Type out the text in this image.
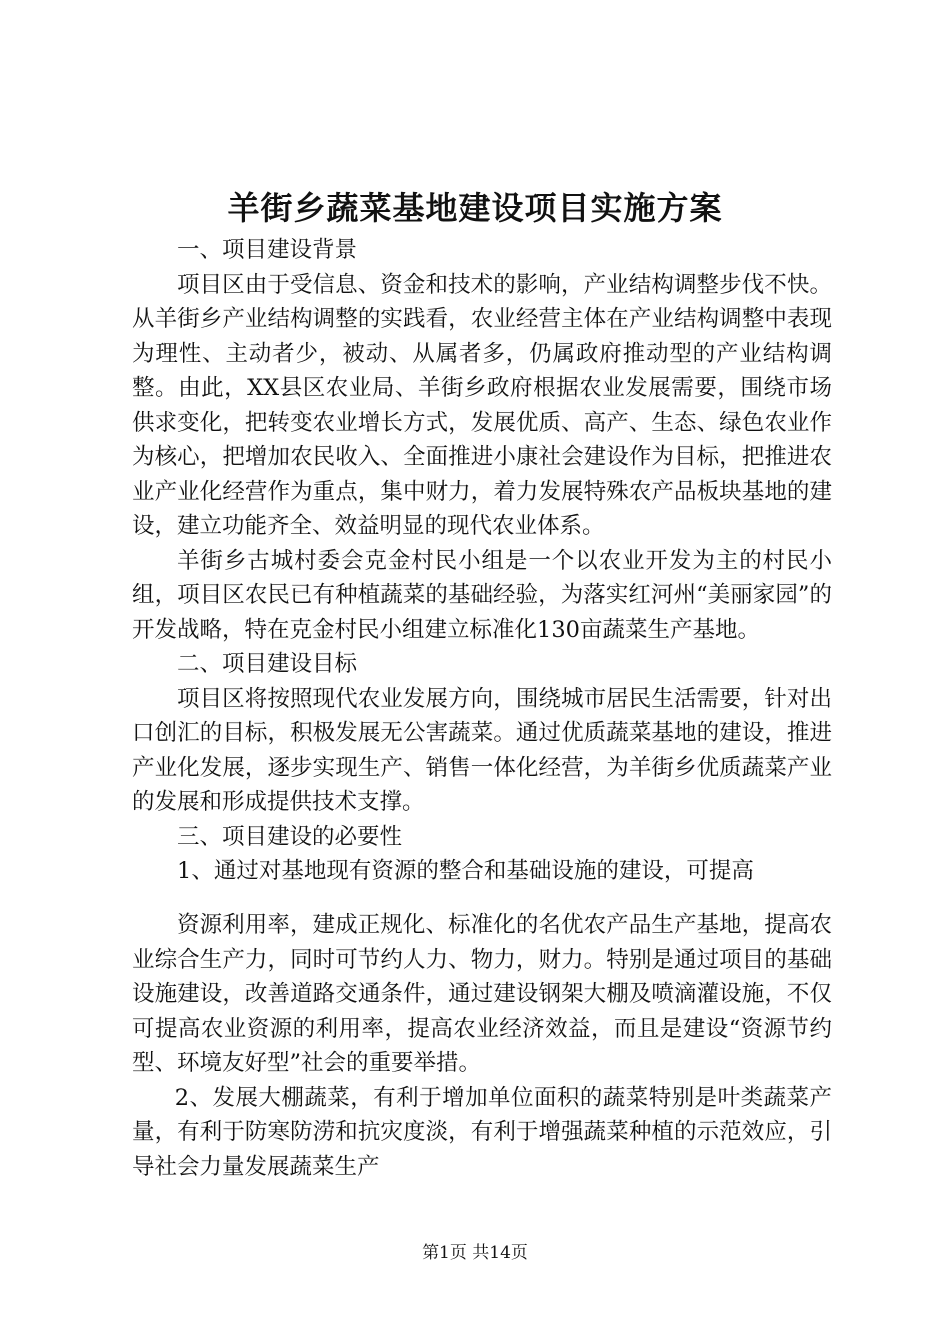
羊街乡蔬菜基地建设项目实施方案

一、项目建设背景

项目区由于受信息、资金和技术的影响，产业结构调整步伐不快。从羊街乡产业结构调整的实践看，农业经营主体在产业结构调整中表现为理性、主动者少，被动、从属者多，仍属政府推动型的产业结构调整。由此，XX县区农业局、羊街乡政府根据农业发展需要，围绕市场供求变化，把转变农业增长方式，发展优质、高产、生态、绿色农业作为核心，把增加农民收入、全面推进小康社会建设作为目标，把推进农业产业化经营作为重点，集中财力，着力发展特殊农产品板块基地的建设，建立功能齐全、效益明显的现代农业体系。

羊街乡古城村委会克金村民小组是一个以农业开发为主的村民小组，项目区农民已有种植蔬菜的基础经验，为落实红河州“美丽家园”的开发战略，特在克金村民小组建立标准化130亩蔬菜生产基地。

二、项目建设目标

项目区将按照现代农业发展方向，围绕城市居民生活需要，针对出口创汇的目标，积极发展无公害蔬菜。通过优质蔬菜基地的建设，推进产业化发展，逐步实现生产、销售一体化经营，为羊街乡优质蔬菜产业的发展和形成提供技术支撑。

三、项目建设的必要性

1、通过对基地现有资源的整合和基础设施的建设，可提高

资源利用率，建成正规化、标准化的名优农产品生产基地，提高农业综合生产力，同时可节约人力、物力，财力。特别是通过项目的基础设施建设，改善道路交通条件，通过建设钢架大棚及喷滴灌设施，不仅可提高农业资源的利用率，提高农业经济效益，而且是建设“资源节约型、环境友好型”社会的重要举措。

2、发展大棚蔬菜，有利于增加单位面积的蔬菜特别是叶类蔬菜产量，有利于防寒防涝和抗灾度淡，有利于增强蔬菜种植的示范效应，引导社会力量发展蔬菜生产

第1页 共14页
